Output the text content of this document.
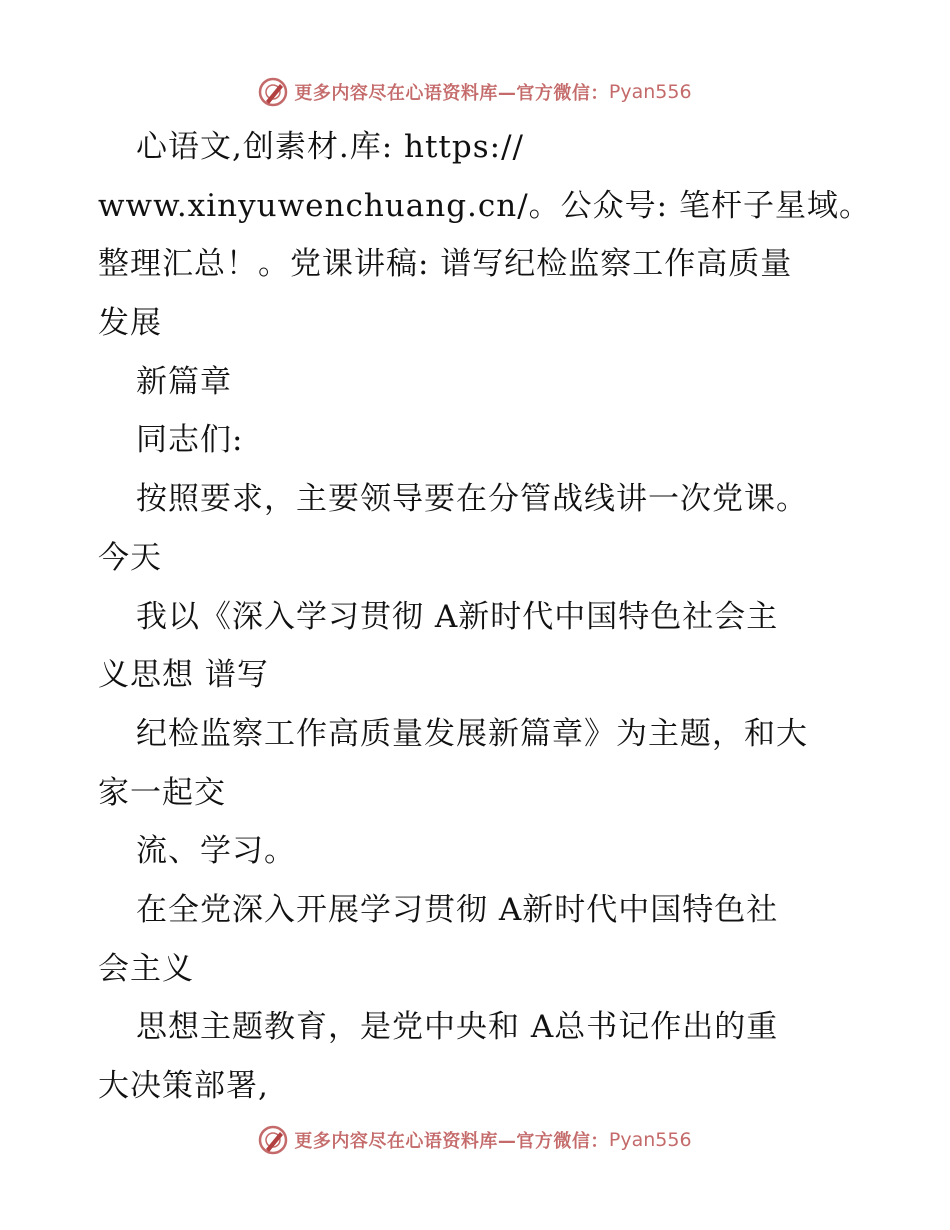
更多内容尽在心语资料库—官方微信： Pyan556
心语文,创素材.库: https://
www.xinyuwenchuang.cn/。公众号: 笔杆子星域。
整理汇总！。党课讲稿: 谱写纪检监察工作高质量
发展
新篇章
同志们:
按照要求，主要领导要在分管战线讲一次党课。
今天
我以《深入学习贯彻 A新时代中国特色社会主
义思想 谱写
纪检监察工作高质量发展新篇章》为主题，和大
家一起交
流、学习。
在全党深入开展学习贯彻 A新时代中国特色社
会主义
思想主题教育，是党中央和 A总书记作出的重
大决策部署,
更多内容尽在心语资料库—官方微信： Pyan556
